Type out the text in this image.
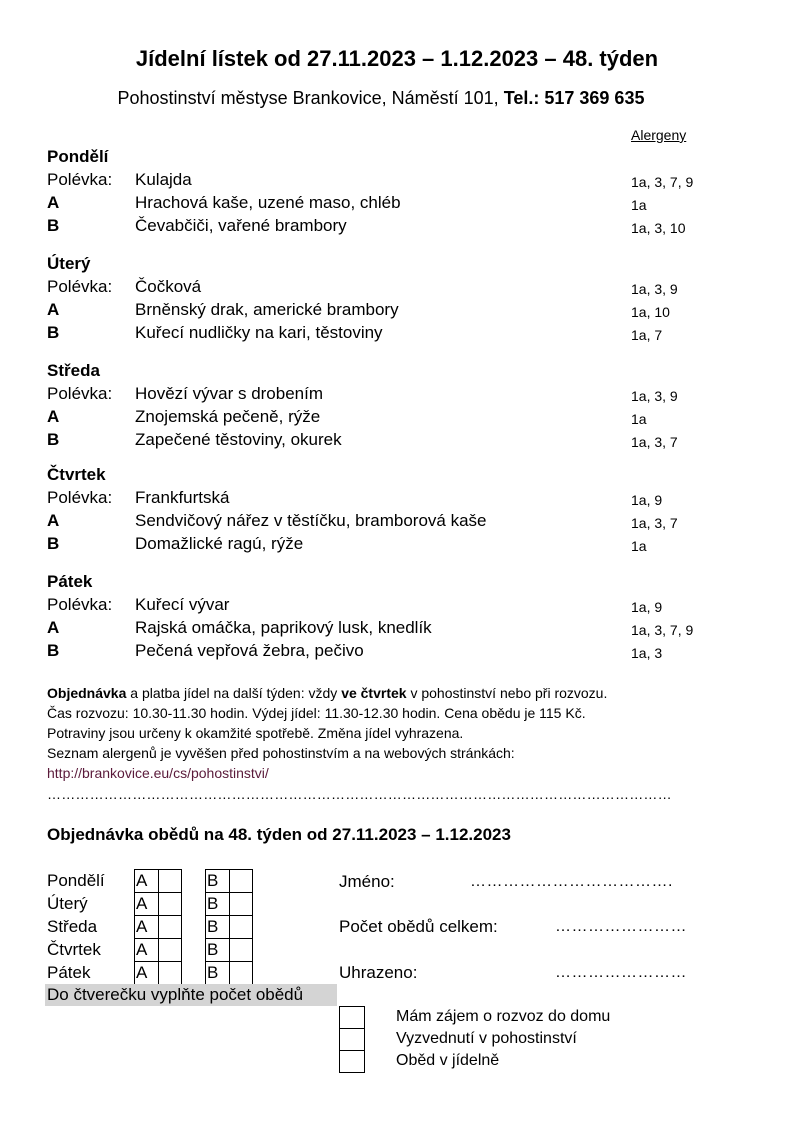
Jídelní lístek od 27.11.2023 – 1.12.2023 – 48. týden
Pohostinství městyse Brankovice, Náměstí 101, Tel.: 517 369 635
Alergeny
Pondělí
Polévka: Kulajda	1a, 3, 7, 9
A	Hrachová kaše, uzené maso, chléb	1a
B	Čevabčiči, vařené brambory	1a, 3, 10
Úterý
Polévka: Čočková	1a, 3, 9
A	Brněnský drak, americké brambory	1a, 10
B	Kuřecí nudličky na kari, těstoviny	1a, 7
Středa
Polévka: Hovězí vývar s drobením	1a, 3, 9
A	Znojemská pečeně, rýže	1a
B	Zapečené těstoviny, okurek	1a, 3, 7
Čtvrtek
Polévka: Frankfurtská	1a, 9
A	Sendvičový nářez v těstíčku, bramborová kaše	1a, 3, 7
B	Domažlické ragú, rýže	1a
Pátek
Polévka: Kuřecí vývar	1a, 9
A	Rajská omáčka, paprikový lusk, knedlík	1a, 3, 7, 9
B	Pečená vepřová žebra, pečivo	1a, 3
Objednávka a platba jídel na další týden: vždy ve čtvrtek v pohostinství nebo při rozvozu.
Čas rozvozu: 10.30-11.30 hodin. Výdej jídel: 11.30-12.30 hodin. Cena obědu je 115 Kč.
Potraviny jsou určeny k okamžité spotřebě. Změna jídel vyhrazena.
Seznam alergenů je vyvěšen před pohostinstvím a na webových stránkách:
http://brankovice.eu/cs/pohostinstvi/
……………………………………………………………………………………………………………………
Objednávka obědů na 48. týden od 27.11.2023 – 1.12.2023
Pondělí A	B
Úterý	A	B
Středa A	B
Čtvrtek A	B
Pátek	A	B
Do čtverečku vyplňte počet obědů
Jméno:	……………………………….
Počet obědů celkem:	……………………
Uhrazeno:	……………………
Mám zájem o rozvoz do domu
Vyzvednutí v pohostinství
Oběd v jídelně
